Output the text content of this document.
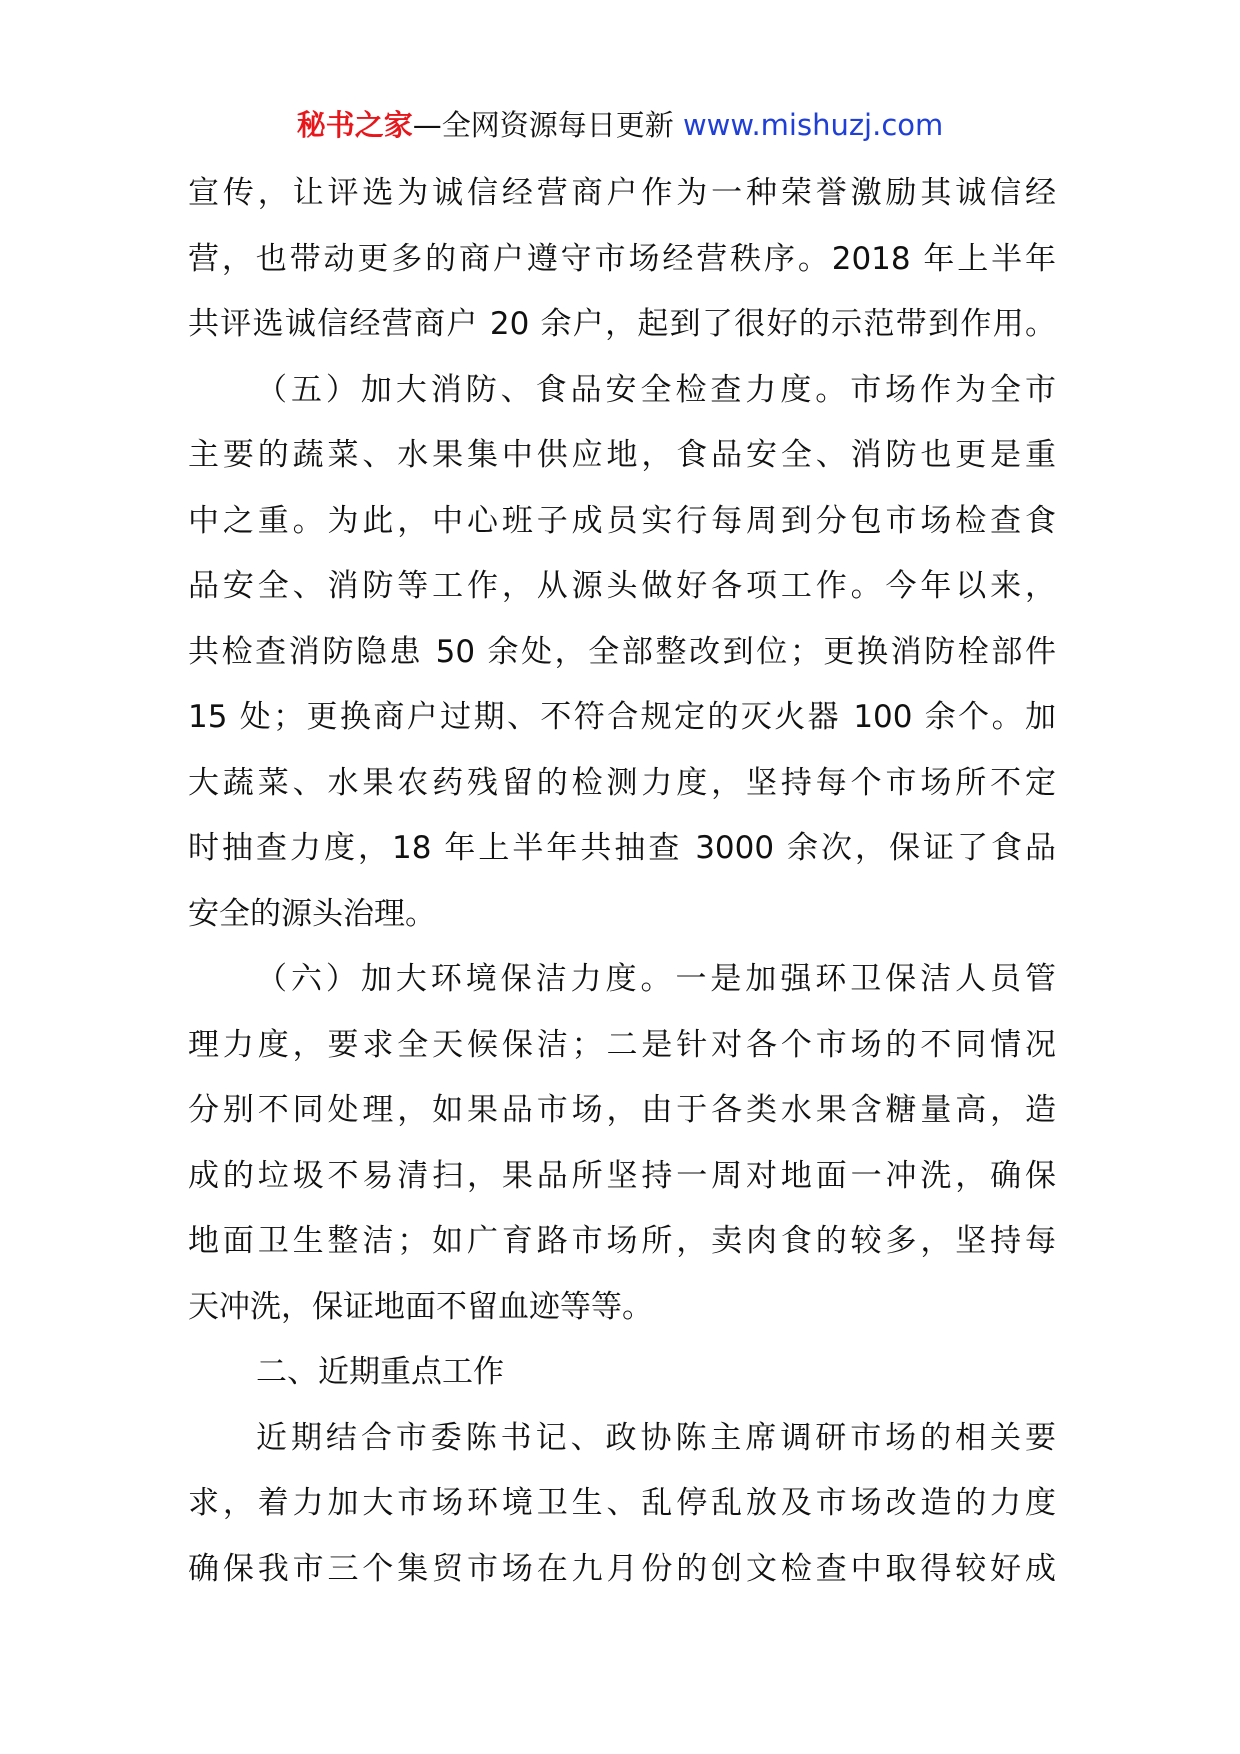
秘书之家—全网资源每日更新 www.mishuzj.com
宣传，让评选为诚信经营商户作为一种荣誉激励其诚信经
营，也带动更多的商户遵守市场经营秩序。2018 年上半年
共评选诚信经营商户 20 余户，起到了很好的示范带到作用。
（五）加大消防、食品安全检查力度。市场作为全市
主要的蔬菜、水果集中供应地，食品安全、消防也更是重
中之重。为此，中心班子成员实行每周到分包市场检查食
品安全、消防等工作，从源头做好各项工作。今年以来，
共检查消防隐患 50 余处，全部整改到位；更换消防栓部件
15 处；更换商户过期、不符合规定的灭火器 100 余个。加
大蔬菜、水果农药残留的检测力度，坚持每个市场所不定
时抽查力度，18 年上半年共抽查 3000 余次，保证了食品
安全的源头治理。
（六）加大环境保洁力度。一是加强环卫保洁人员管
理力度，要求全天候保洁；二是针对各个市场的不同情况
分别不同处理，如果品市场，由于各类水果含糖量高，造
成的垃圾不易清扫，果品所坚持一周对地面一冲洗，确保
地面卫生整洁；如广育路市场所，卖肉食的较多，坚持每
天冲洗，保证地面不留血迹等等。
二、近期重点工作
近期结合市委陈书记、政协陈主席调研市场的相关要
求，着力加大市场环境卫生、乱停乱放及市场改造的力度
确保我市三个集贸市场在九月份的创文检查中取得较好成
